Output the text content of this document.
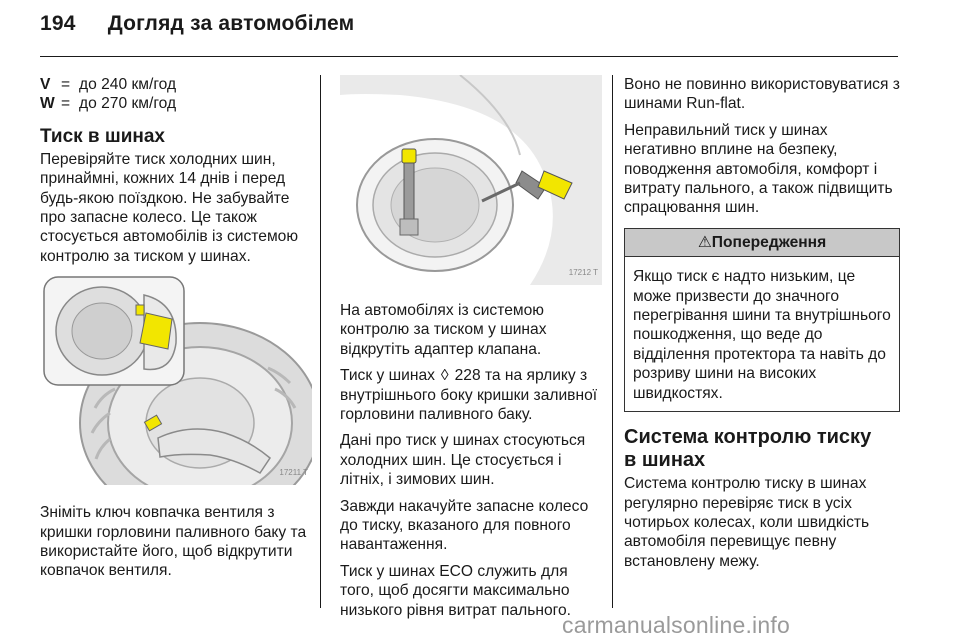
194 Догляд за автомобілем
V = до 240 км/год
W = до 270 км/год
Тиск в шинах

Перевіряйте тиск холодних шин, принаймні, кожних 14 днів і перед будь-якою поїздкою. Не забувайте про запасне колесо. Це також стосується автомобілів із системою контролю за тиском у шинах.

17211 T

Зніміть ключ ковпачка вентиля з кришки горловини паливного баку та використайте його, щоб відкрутити ковпачок вентиля.

17212 T

На автомобілях із системою контролю за тиском у шинах відкрутіть адаптер клапана.

Тиск у шинах ◊ 228 та на ярлику з внутрішнього боку кришки заливної горловини паливного баку.

Дані про тиск у шинах стосуються холодних шин. Це стосується і літніх, і зимових шин.

Завжди накачуйте запасне колесо до тиску, вказаного для повного навантаження.

Тиск у шинах ECO служить для того, щоб досягти максимально низького рівня витрат пального.

Воно не повинно використовуватися з шинами Run-flat.

Неправильний тиск у шинах негативно вплине на безпеку, поводження автомобіля, комфорт і витрату пального, а також підвищить спрацювання шин.

⚠Попередження
Якщо тиск є надто низьким, це може призвести до значного перегрівання шини та внутрішнього пошкодження, що веде до відділення протектора та навіть до розриву шини на високих швидкостях.
Система контролю тиску
в шинах

Система контролю тиску в шинах регулярно перевіряє тиск в усіх чотирьох колесах, коли швидкість автомобіля перевищує певну встановлену межу.

carmanualsonline.info
